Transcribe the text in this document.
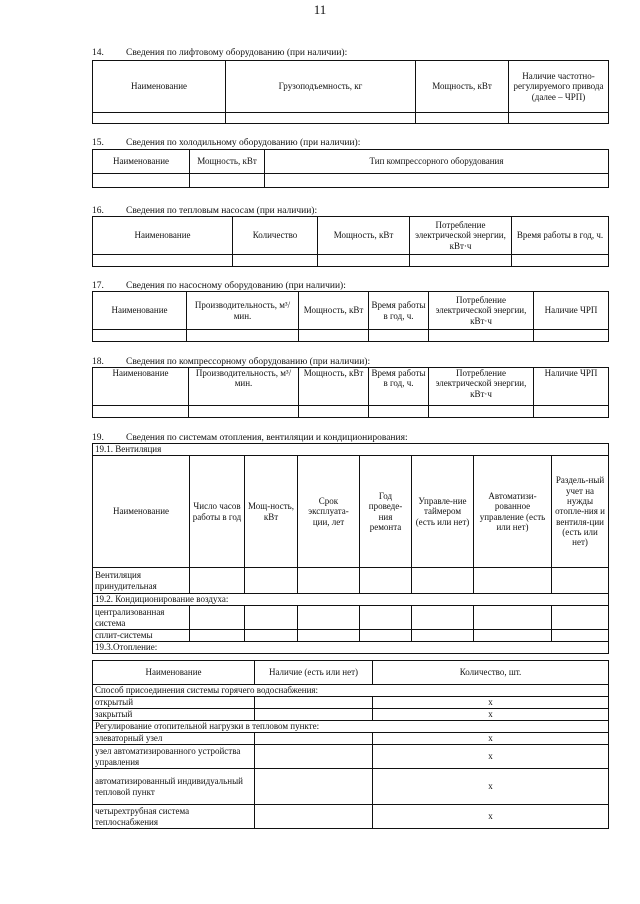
11
14. Сведения по лифтовому оборудованию (при наличии):
Наименование	Грузоподъемность, кг	Мощность, кВт	Наличие частотно-регулируемого привода (далее – ЧРП)

15. Сведения по холодильному оборудованию (при наличии):
Наименование	Мощность, кВт	Тип компрессорного оборудования

16. Сведения по тепловым насосам (при наличии):
Наименование	Количество	Мощность, кВт	Потребление электрической энергии, кВт·ч	Время работы в год, ч.

17. Сведения по насосному оборудованию (при наличии):
Наименование	Производительность, м³/мин.	Мощность, кВт	Время работы в год, ч.	Потребление электрической энергии, кВт·ч	Наличие ЧРП

18. Сведения по компрессорному оборудованию (при наличии):
Наименование	Производительность, м³/мин.	Мощность, кВт	Время работы в год, ч.	Потребление электрической энергии, кВт·ч	Наличие ЧРП

19. Сведения по системам отопления, вентиляции и кондиционирования:
19.1. Вентиляция							
Наименование	Число часов работы в год	Мощ-ность, кВт	Срок эксплуата-ции, лет	Год проведе-ния ремонта	Управле-ние таймером (есть или нет)	Автоматизи-рованное управление (есть или нет)	Раздель-ный учет на нужды отопле-ния и вентиля-ции (есть или нет)
Вентиляция принудительная							
19.2. Кондиционирование воздуха:							
централизованная система							
сплит-системы							
19.3.Отопление:							
Наименование	Наличие (есть или нет)	Количество, шт.
Способ присоединения системы горячего водоснабжения:		
открытый		х
закрытый		х
Регулирование отопительной нагрузки в тепловом пункте:		
элеваторный узел		х
узел автоматизированного устройства управления		х
автоматизированный индивидуальный тепловой пункт		х
четырехтрубная система теплоснабжения		х
